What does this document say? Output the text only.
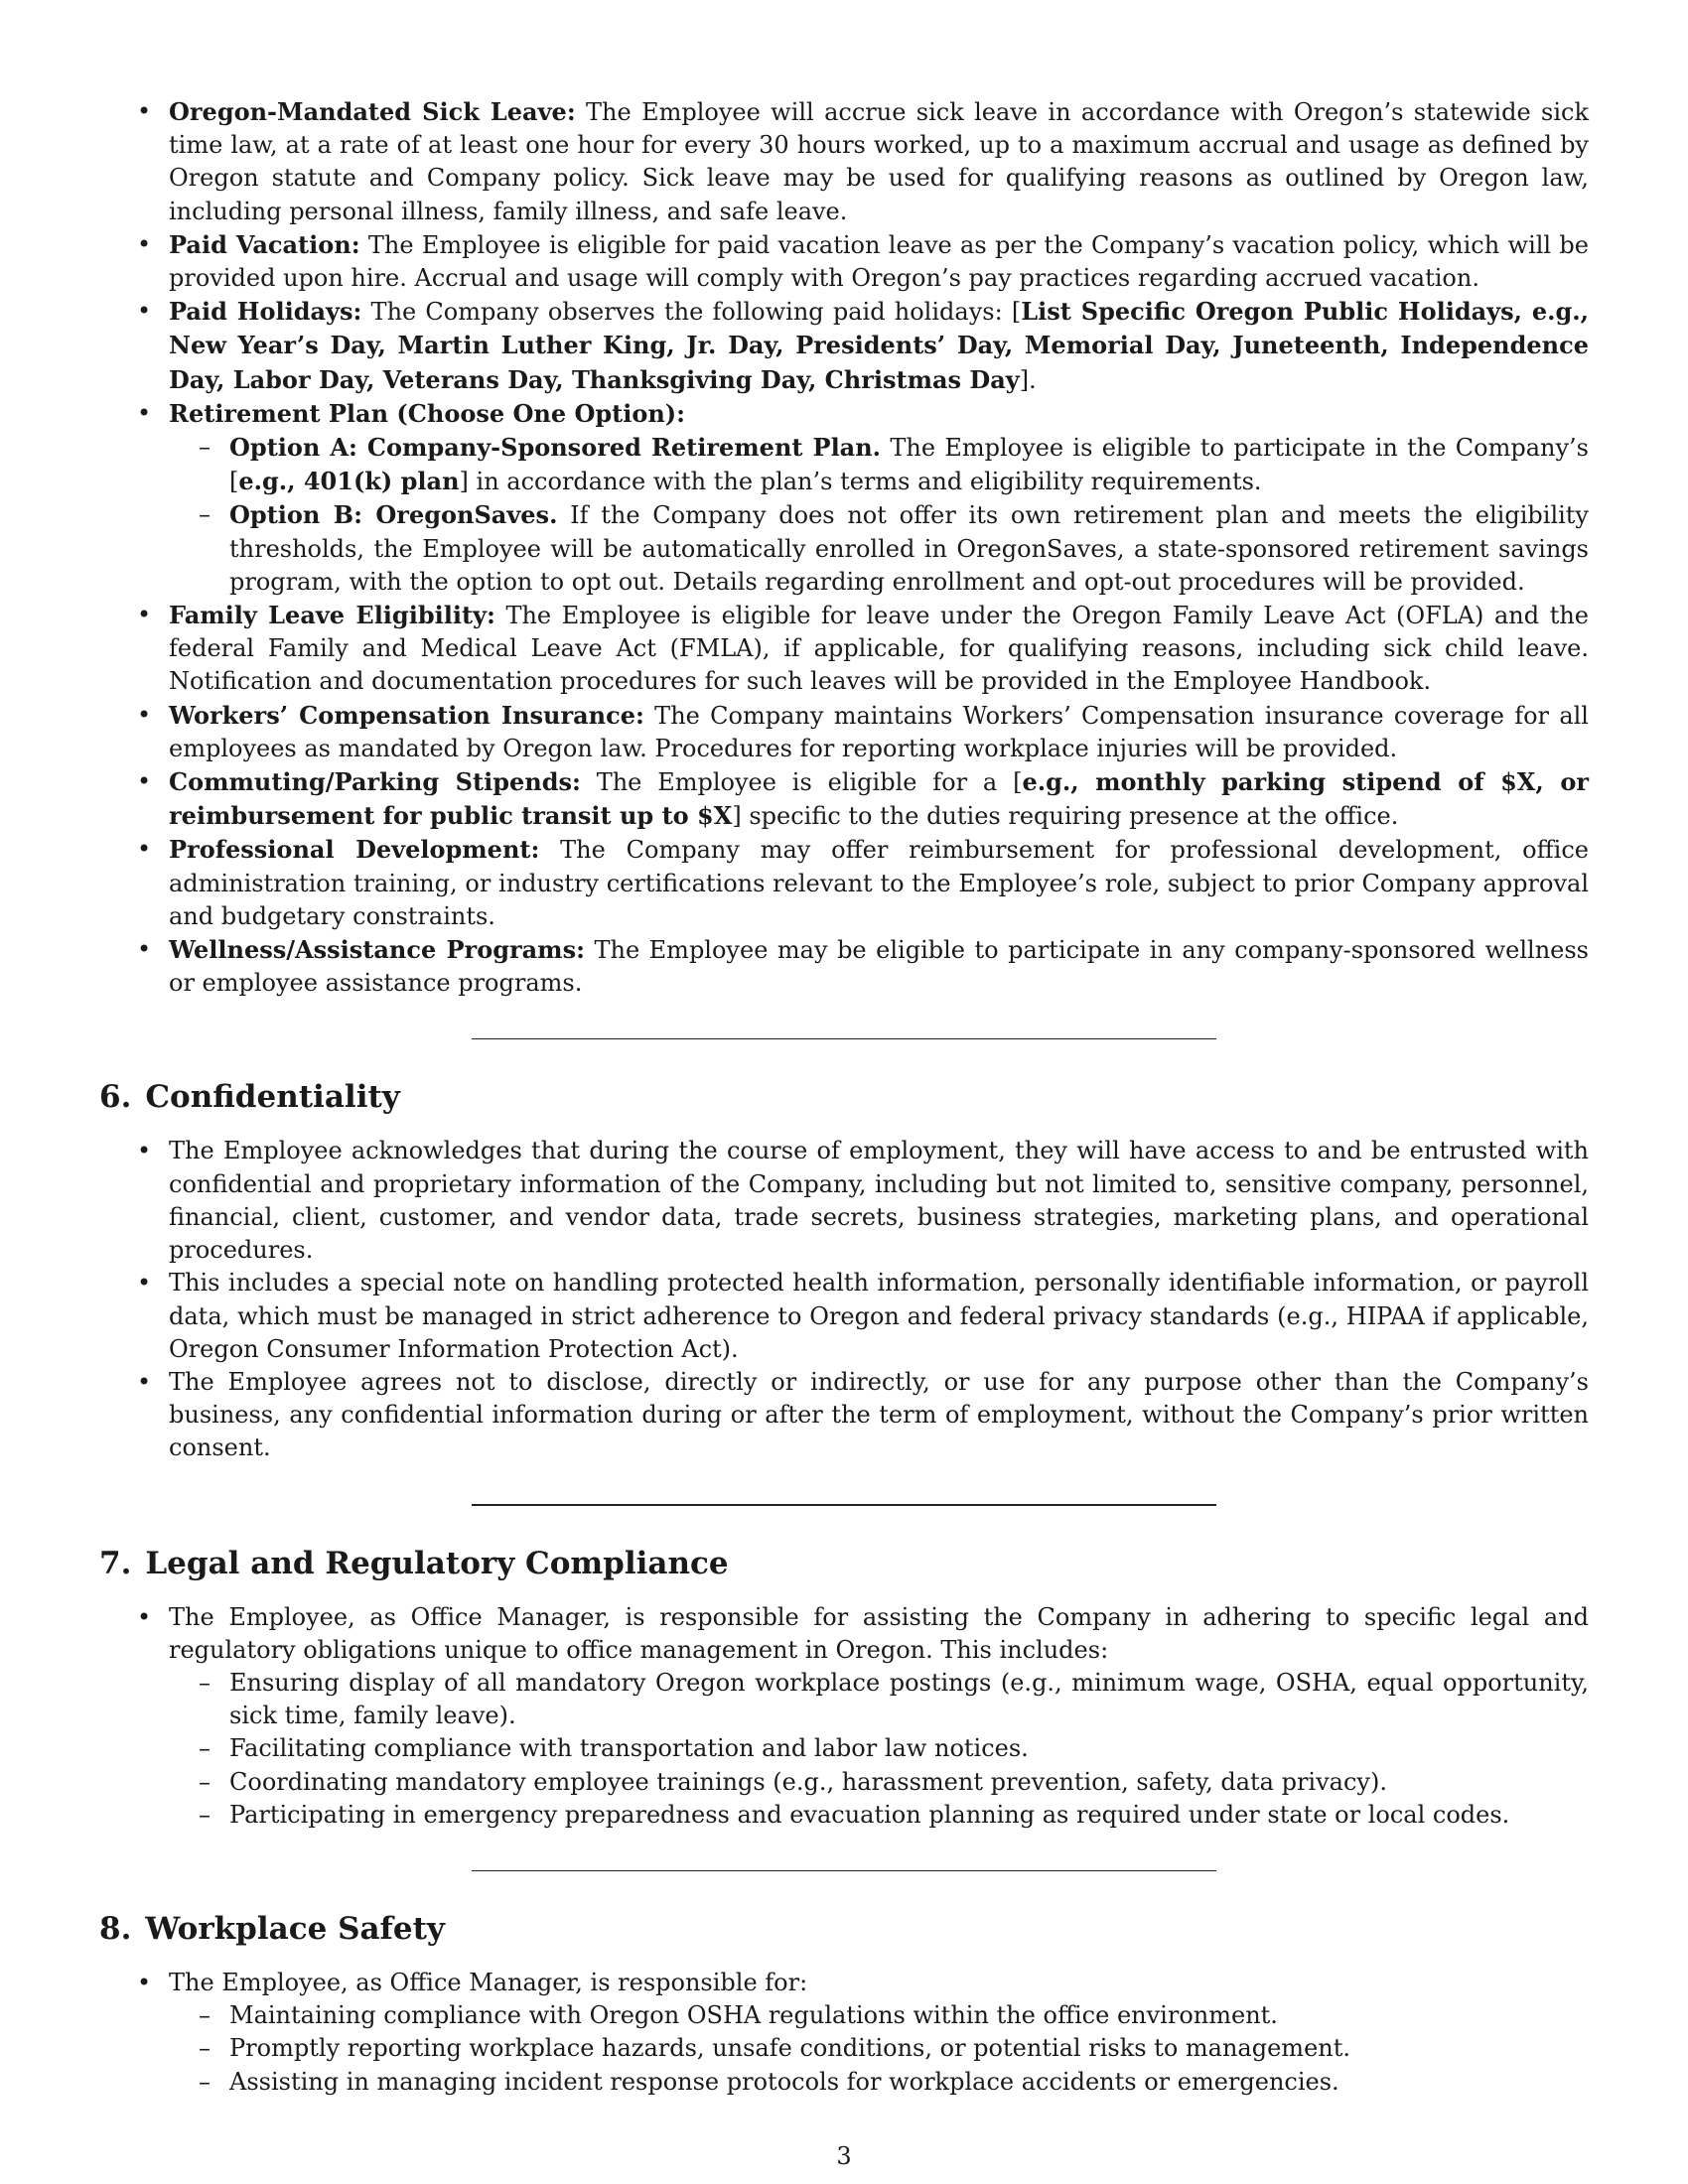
• Oregon-Mandated Sick Leave: The Employee will accrue sick leave in accordance with Oregon’s statewide sick time law, at a rate of at least one hour for every 30 hours worked, up to a maximum accrual and usage as defined by Oregon statute and Company policy. Sick leave may be used for qualifying reasons as outlined by Oregon law, including personal illness, family illness, and safe leave.
• Paid Vacation: The Employee is eligible for paid vacation leave as per the Company’s vacation policy, which will be provided upon hire. Accrual and usage will comply with Oregon’s pay practices regarding accrued vacation.
• Paid Holidays: The Company observes the following paid holidays: [List Specific Oregon Public Holidays, e.g., New Year’s Day, Martin Luther King, Jr. Day, Presidents’ Day, Memorial Day, Juneteenth, Independence Day, Labor Day, Veterans Day, Thanksgiving Day, Christmas Day].
• Retirement Plan (Choose One Option):
– Option A: Company-Sponsored Retirement Plan. The Employee is eligible to participate in the Company’s [e.g., 401(k) plan] in accordance with the plan’s terms and eligibility requirements.
– Option B: OregonSaves. If the Company does not offer its own retirement plan and meets the eligibility thresholds, the Employee will be automatically enrolled in OregonSaves, a state-sponsored retirement savings program, with the option to opt out. Details regarding enrollment and opt-out procedures will be provided.
• Family Leave Eligibility: The Employee is eligible for leave under the Oregon Family Leave Act (OFLA) and the federal Family and Medical Leave Act (FMLA), if applicable, for qualifying reasons, including sick child leave. Notification and documentation procedures for such leaves will be provided in the Employee Handbook.
• Workers’ Compensation Insurance: The Company maintains Workers’ Compensation insurance coverage for all employees as mandated by Oregon law. Procedures for reporting workplace injuries will be provided.
• Commuting/Parking Stipends: The Employee is eligible for a [e.g., monthly parking stipend of $X, or reimbursement for public transit up to $X] specific to the duties requiring presence at the office.
• Professional Development: The Company may offer reimbursement for professional development, office administration training, or industry certifications relevant to the Employee’s role, subject to prior Company approval and budgetary constraints.
• Wellness/Assistance Programs: The Employee may be eligible to participate in any company-sponsored wellness or employee assistance programs.
6. Confidentiality
• The Employee acknowledges that during the course of employment, they will have access to and be entrusted with confidential and proprietary information of the Company, including but not limited to, sensitive company, personnel, financial, client, customer, and vendor data, trade secrets, business strategies, marketing plans, and operational procedures.
• This includes a special note on handling protected health information, personally identifiable information, or payroll data, which must be managed in strict adherence to Oregon and federal privacy standards (e.g., HIPAA if applicable, Oregon Consumer Information Protection Act).
• The Employee agrees not to disclose, directly or indirectly, or use for any purpose other than the Company’s business, any confidential information during or after the term of employment, without the Company’s prior written consent.
7. Legal and Regulatory Compliance
• The Employee, as Office Manager, is responsible for assisting the Company in adhering to specific legal and regulatory obligations unique to office management in Oregon. This includes:
– Ensuring display of all mandatory Oregon workplace postings (e.g., minimum wage, OSHA, equal opportunity, sick time, family leave).
– Facilitating compliance with transportation and labor law notices.
– Coordinating mandatory employee trainings (e.g., harassment prevention, safety, data privacy).
– Participating in emergency preparedness and evacuation planning as required under state or local codes.
8. Workplace Safety
• The Employee, as Office Manager, is responsible for:
– Maintaining compliance with Oregon OSHA regulations within the office environment.
– Promptly reporting workplace hazards, unsafe conditions, or potential risks to management.
– Assisting in managing incident response protocols for workplace accidents or emergencies.
3
